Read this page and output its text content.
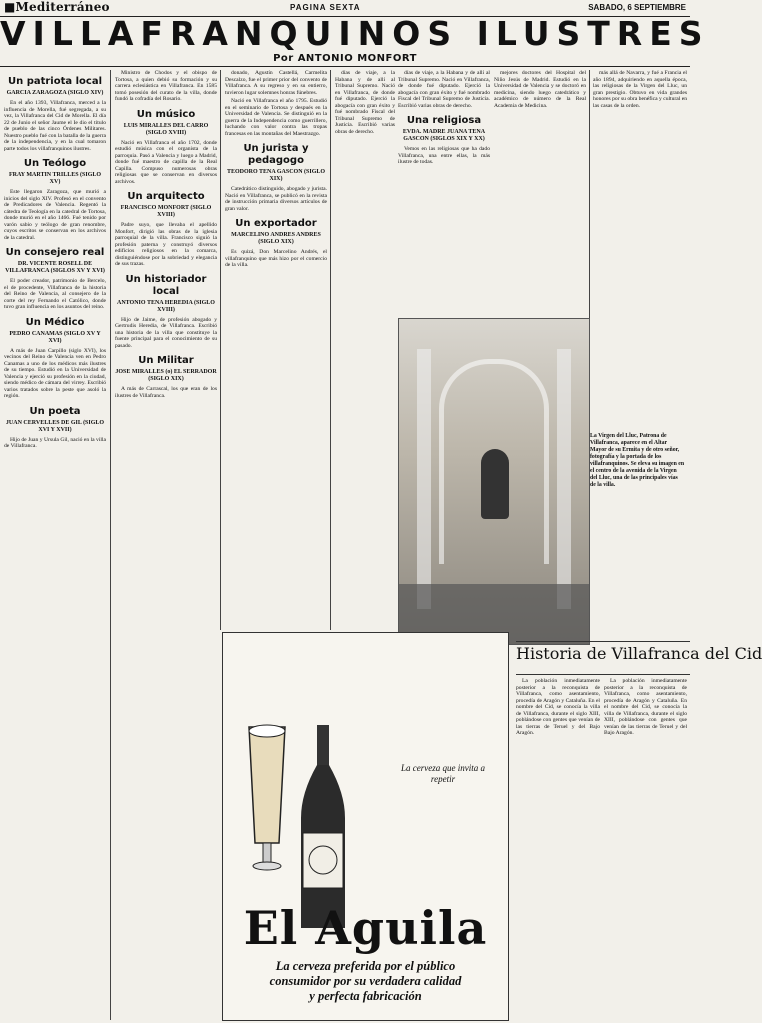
■Mediterráneo	PAGINA SEXTA	SABADO, 6 SEPTIEMBRE
VILLAFRANQUINOS ILUSTRES
Por ANTONIO MONFORT
Un patriota local
GARCIA ZARAGOZA (SIGLO XIV)

En el año 1393, Villafranca, merced a la influencia de Morella, fué segregada, a su vez, la Villafranca del Cid de Morella. El día 22 de Junio el señor Jaume el Ie dio el título de pueblo de las cinco Órdenes Militares. Nuestro pueblo fué con la batalla de la guerra de la independencia, y en la cual tomaron parte todos los villafranquinos ilustres.

Un Teólogo
FRAY MARTIN TRILLES (SIGLO XV)

Este llegaron Zaragoza, que murió a inicios del siglo XIV. Profesó en el convento de Predicadores de Valencia. Regentó la cátedra de Teología en la catedral de Tortosa, donde murió en el año 1466. Fué tenido por varón sabio y teólogo de gran renombre, cuyos escritos se conservan en los archivos de la catedral.

Un consejero real
DR. VICENTE ROSELL DE VILLAFRANCA (SIGLOS XV Y XVI)

El poder creador, patrimonio de Bercelo, el de procedente, Villafranca de la historia del Reino de Valencia, al consejero de la corte del rey Fernando el Católico, donde tuvo gran influencia en los asuntos del reino.

Un Médico
PEDRO CANAMAS (SIGLO XV Y XVI)

A más de Juan Carpillo (siglo XVI), los vecinos del Reino de Valencia ven en Pedro Canamas a uno de los médicos más ilustres de su tiempo. Estudió en la Universidad de Valencia y ejerció su profesión en la ciudad, siendo médico de cámara del virrey. Escribió varios tratados sobre la peste que asoló la región.

Un poeta
JUAN CERVELLES DE GIL (SIGLO XVI Y XVII)

Hijo de Juan y Ursula Gil, nació en la villa de Villafranca.

Ministro de Chodos y el obispo de Tortosa, a quien debió su formación y su carrera eclesiástica en Villafranca. En 1585 tomó posesión del curato de la villa, donde fundó la cofradía del Rosario.

Un músico
LUIS MIRALLES DEL CARRO (SIGLO XVIII)

Nació en Villafranca el año 1702, donde estudió música con el organista de la parroquia. Pasó a Valencia y luego a Madrid, donde fué maestro de capilla de la Real Capilla. Compuso numerosas obras religiosas que se conservan en diversos archivos.

Un arquitecto
FRANCISCO MONFORT (SIGLO XVIII)

Padre suyo, que llevaba el apellido Monfort, dirigió las obras de la iglesia parroquial de la villa. Francisco siguió la profesión paterna y construyó diversos edificios religiosos en la comarca, distinguiéndose por la sobriedad y elegancia de sus trazas.

Un historiador local
ANTONIO TENA HEREDIA (SIGLO XVIII)

Hijo de Jaime, de profesión abogado y Gertrudis Heredia, de Villafranca. Escribió una historia de la villa que constituye la fuente principal para el conocimiento de su pasado.

Un Militar
JOSE MIRALLES (o) EL SERRADOR (SIGLO XIX)

A más de Carrascal, los que eran de los ilustres de Villafranca.

donado, Agustín Castellá, Carmelita Descalzo, fue el primer prior del convento de Villafranca. A su regreso y en su entierro, tuvieron lugar solemnes honras fúnebres.

Nació en Villafranca el año 1795. Estudió en el seminario de Tortosa y después en la Universidad de Valencia. Se distinguió en la guerra de la Independencia como guerrillero, luchando con valor contra las tropas francesas en las montañas del Maestrazgo.

Un jurista y pedagogo
TEODORO TENA GASCON (SIGLO XIX)

Catedrático distinguido, abogado y jurista. Nació en Villafranca, se publicó en la revista de instrucción primaria diversos artículos de gran valor.

Un exportador
MARCELINO ANDRES ANDRES (SIGLO XIX)

Es quizá, Don Marcelino Andrés, el villafranquino que más hizo por el comercio de la villa.

días de viaje, a la Habana y de allí al Tribunal Supremo. Nació en Villafranca, de donde fué diputado. Ejerció la abogacía con gran éxito y fué nombrado Fiscal del Tribunal Supremo de Justicia. Escribió varias obras de derecho.

días de viaje, a la Habana y de allí al Tribunal Supremo. Nació en Villafranca, de donde fué diputado. Ejerció la abogacía con gran éxito y fué nombrado Fiscal del Tribunal Supremo de Justicia. Escribió varias obras de derecho.

Una religiosa
EVDA. MADRE JUANA TENA GASCON (SIGLOS XIX Y XX)

Vemos en las religiosas que ha dado Villafranca, una entre ellas, la más ilustre de todas.

mejores doctores del Hospital del Niño Jesús de Madrid. Estudió en la Universidad de Valencia y se doctoró en medicina, siendo luego catedrático y académico de número de la Real Academia de Medicina.

más allá de Navarra, y fué a Francia el año 1894, adquiriendo en aquella época, las religiosas de la Virgen del Lluc, un gran prestigio. Obtuvo en vida grandes honores por su obra benéfica y cultural en las casas de la orden.

La Virgen del Lluc, Patrona de Villafranca, aparece en el Altar Mayor de su Ermita y de otro señor, fotografía y la portada de los villafranquinos. Se eleva su imagen en el centro de la avenida de la Virgen del Lluc, una de las principales vías de la villa.
La cerveza que invita a repetir
El Aguila
La cerveza preferida por el público
consumidor por su verdadera calidad
y perfecta fabricación
Historia de Villafranca del Cid

La población inmediatamente posterior a la reconquista de Villafranca, como asentamiento, procedía de Aragón y Cataluña. En el nombre del Cid, se conocía la villa de Villafranca, durante el siglo XIII, poblándose con gentes que venían de las tierras de Teruel y del Bajo Aragón.

La población inmediatamente posterior a la reconquista de Villafranca, como asentamiento, procedía de Aragón y Cataluña. En el nombre del Cid, se conocía la villa de Villafranca, durante el siglo XIII, poblándose con gentes que venían de las tierras de Teruel y del Bajo Aragón.
